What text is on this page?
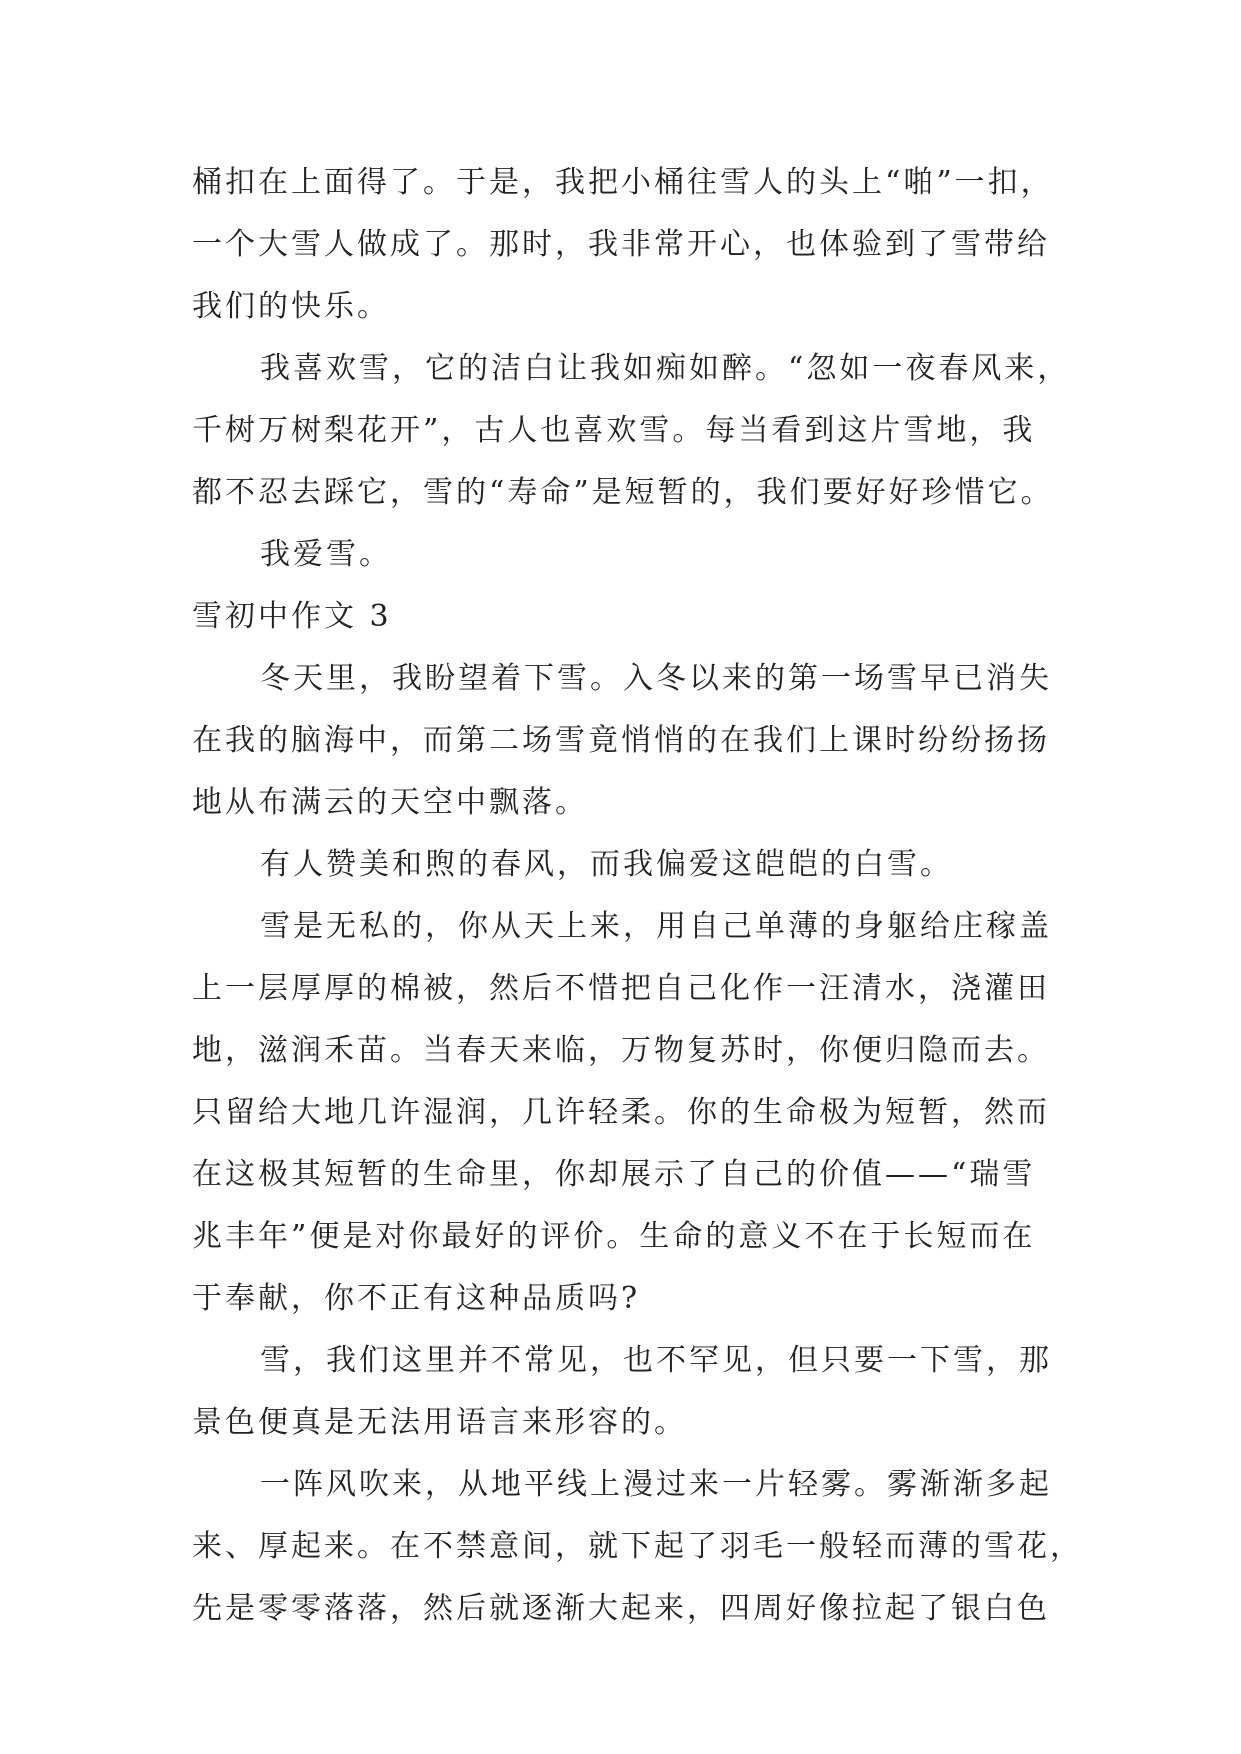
桶扣在上面得了。于是，我把小桶往雪人的头上“啪”一扣，
一个大雪人做成了。那时，我非常开心，也体验到了雪带给
我们的快乐。
我喜欢雪，它的洁白让我如痴如醉。“忽如一夜春风来，
千树万树梨花开”，古人也喜欢雪。每当看到这片雪地，我
都不忍去踩它，雪的“寿命”是短暂的，我们要好好珍惜它。
我爱雪。
雪初中作文 3
冬天里，我盼望着下雪。入冬以来的第一场雪早已消失
在我的脑海中，而第二场雪竟悄悄的在我们上课时纷纷扬扬
地从布满云的天空中飘落。
有人赞美和煦的春风，而我偏爱这皑皑的白雪。
雪是无私的，你从天上来，用自己单薄的身躯给庄稼盖
上一层厚厚的棉被，然后不惜把自己化作一汪清水，浇灌田
地，滋润禾苗。当春天来临，万物复苏时，你便归隐而去。
只留给大地几许湿润，几许轻柔。你的生命极为短暂，然而
在这极其短暂的生命里，你却展示了自己的价值——“瑞雪
兆丰年”便是对你最好的评价。生命的意义不在于长短而在
于奉献，你不正有这种品质吗?
雪，我们这里并不常见，也不罕见，但只要一下雪，那
景色便真是无法用语言来形容的。
一阵风吹来，从地平线上漫过来一片轻雾。雾渐渐多起
来、厚起来。在不禁意间，就下起了羽毛一般轻而薄的雪花，
先是零零落落，然后就逐渐大起来，四周好像拉起了银白色
